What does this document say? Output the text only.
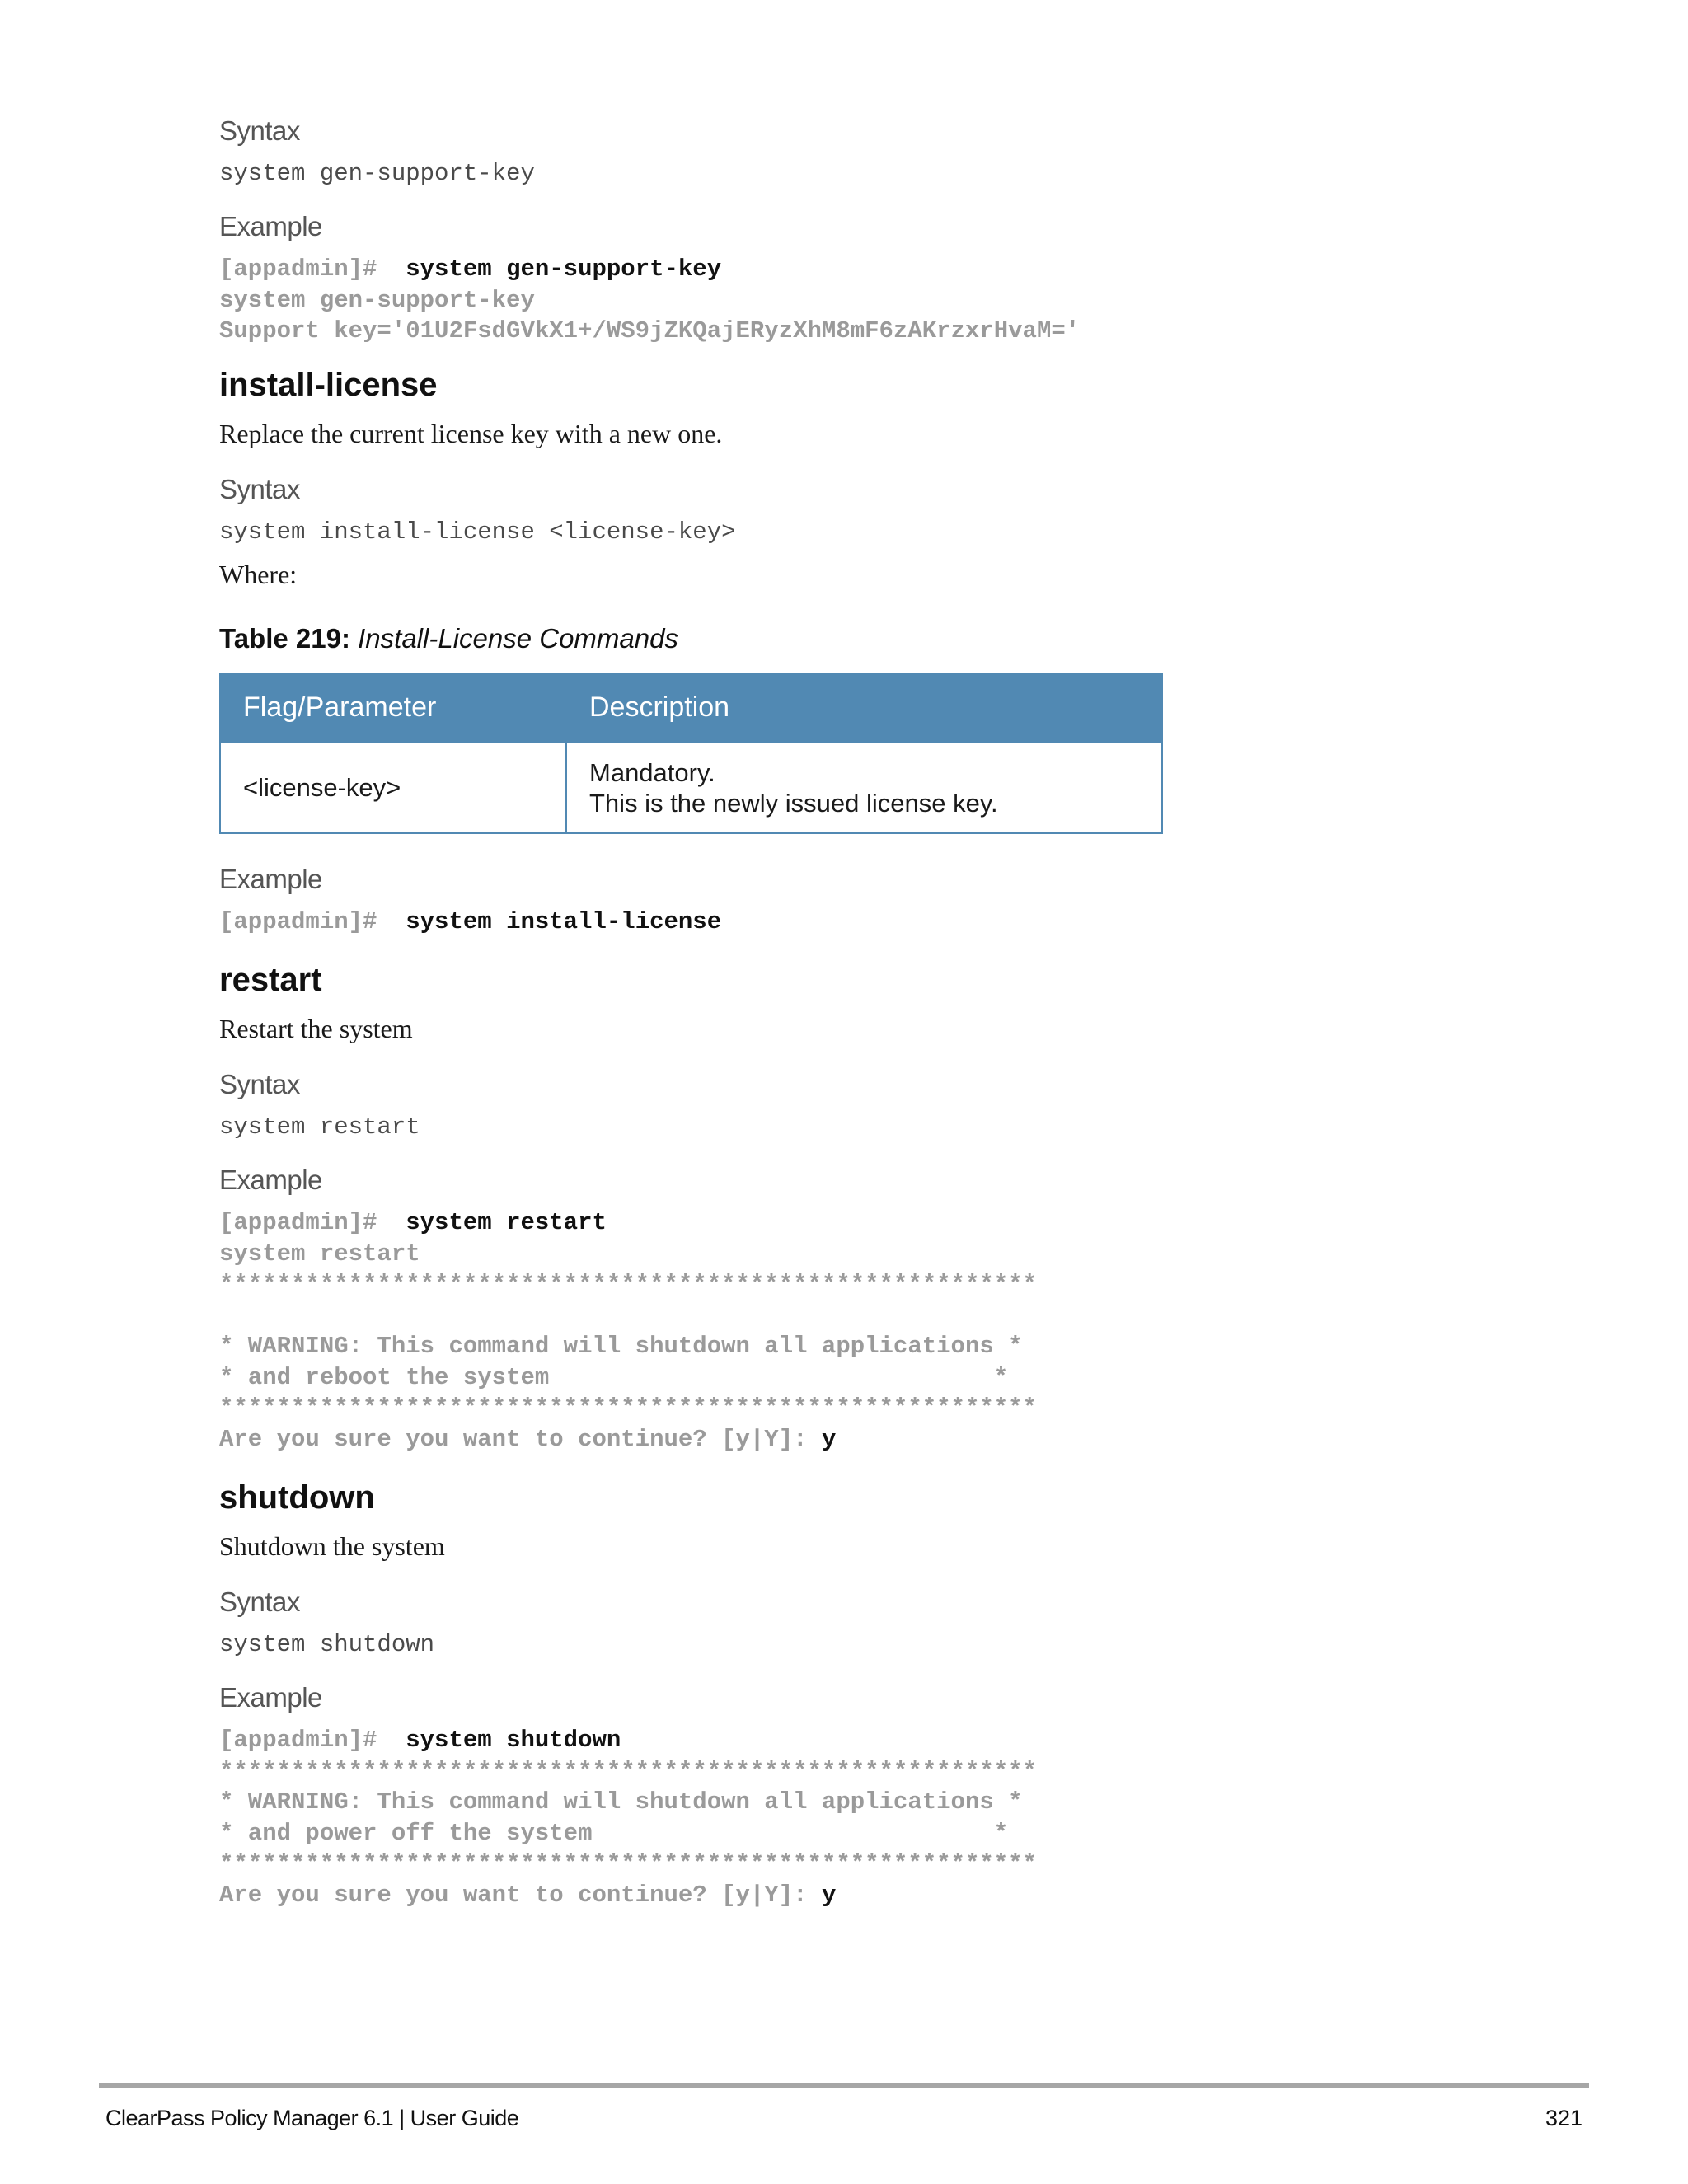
Syntax

system gen-support-key

Example

[appadmin]# system gen-support-key
system gen-support-key
Support key='01U2FsdGVkX1+/WS9jZKQajERyzXhM8mF6zAKrzxrHvaM='
install-license

Replace the current license key with a new one.

Syntax

system install-license <license-key>

Where:

Table 219: Install-License Commands

Flag/Parameter	Description
<license-key>	Mandatory.
This is the newly issued license key.

Example

[appadmin]# system install-license
restart

Restart the system

Syntax

system restart

Example

[appadmin]# system restart
system restart
*********************************************************

* WARNING: This command will shutdown all applications *
* and reboot the system                               *
*********************************************************
Are you sure you want to continue? [y|Y]: y
shutdown

Shutdown the system

Syntax

system shutdown

Example

[appadmin]# system shutdown
*********************************************************
* WARNING: This command will shutdown all applications *
* and power off the system                            *
*********************************************************
Are you sure you want to continue? [y|Y]: y
ClearPass Policy Manager 6.1 | User Guide	321
